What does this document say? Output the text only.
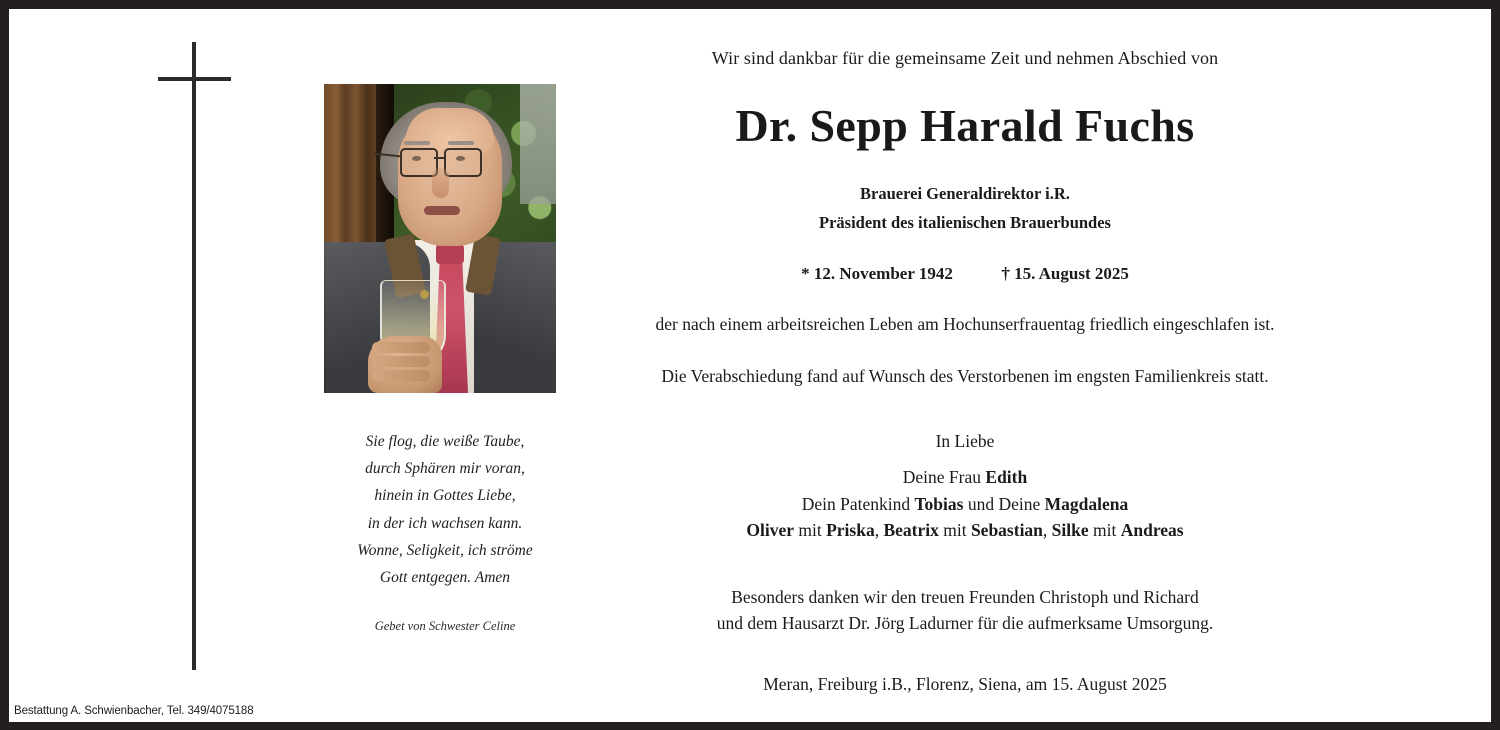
Sie flog, die weiße Taube,
durch Sphären mir voran,
hinein in Gottes Liebe,
in der ich wachsen kann.
Wonne, Seligkeit, ich ströme
Gott entgegen. Amen
Gebet von Schwester Celine
Wir sind dankbar für die gemeinsame Zeit und nehmen Abschied von
Dr. Sepp Harald Fuchs
Brauerei Generaldirektor i.R.
Präsident des italienischen Brauerbundes
* 12. November 1942	† 15. August 2025
der nach einem arbeitsreichen Leben am Hochunserfrauentag friedlich eingeschlafen ist.
Die Verabschiedung fand auf Wunsch des Verstorbenen im engsten Familienkreis statt.
In Liebe
Deine Frau Edith
Dein Patenkind Tobias und Deine Magdalena
Oliver mit Priska, Beatrix mit Sebastian, Silke mit Andreas
Besonders danken wir den treuen Freunden Christoph und Richard
und dem Hausarzt Dr. Jörg Ladurner für die aufmerksame Umsorgung.
Meran, Freiburg i.B., Florenz, Siena, am 15. August 2025
Bestattung A. Schwienbacher, Tel. 349/4075188
